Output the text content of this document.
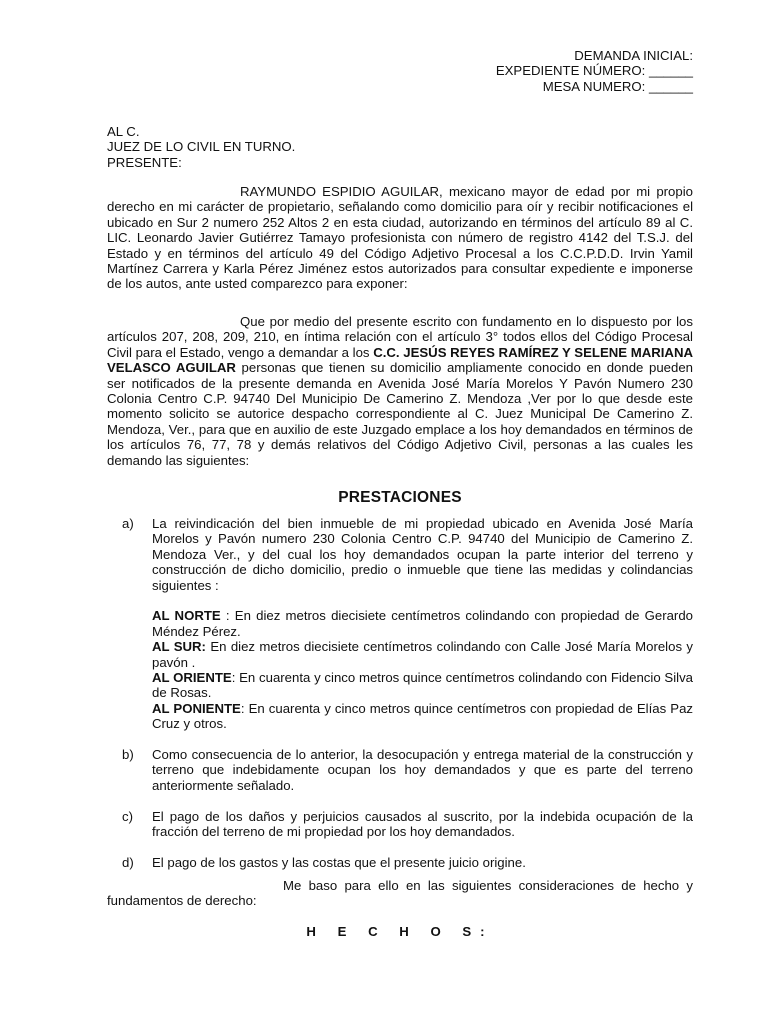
DEMANDA INICIAL:
EXPEDIENTE NÚMERO: ______
MESA NUMERO: ______
AL C.
JUEZ DE LO CIVIL EN TURNO.
PRESENTE:
RAYMUNDO ESPIDIO AGUILAR, mexicano mayor de edad por mi propio derecho en mi carácter de propietario, señalando como domicilio para oír y recibir notificaciones el ubicado en Sur 2 numero 252 Altos 2 en esta ciudad, autorizando en términos del artículo 89 al C. LIC. Leonardo Javier Gutiérrez Tamayo profesionista con número de registro 4142 del T.S.J. del Estado y en términos del artículo 49 del Código Adjetivo Procesal a los C.C.P.D.D. Irvin Yamil Martínez Carrera y Karla Pérez Jiménez estos autorizados para consultar expediente e imponerse de los autos, ante usted comparezco para exponer:
Que por medio del presente escrito con fundamento en lo dispuesto por los artículos 207, 208, 209, 210, en íntima relación con el artículo 3° todos ellos del Código Procesal Civil para el Estado, vengo a demandar a los C.C. JESÚS REYES RAMÍREZ Y SELENE MARIANA VELASCO AGUILAR personas que tienen su domicilio ampliamente conocido en donde pueden ser notificados de la presente demanda en Avenida José María Morelos Y Pavón Numero 230 Colonia Centro C.P. 94740 Del Municipio De Camerino Z. Mendoza ,Ver por lo que desde este momento solicito se autorice despacho correspondiente al C. Juez Municipal De Camerino Z. Mendoza, Ver., para que en auxilio de este Juzgado emplace a los hoy demandados en términos de los artículos 76, 77, 78 y demás relativos del Código Adjetivo Civil, personas a las cuales les demando las siguientes:
PRESTACIONES
a)	La reivindicación del bien inmueble de mi propiedad ubicado en Avenida José María Morelos y Pavón numero 230 Colonia Centro C.P. 94740 del Municipio de Camerino Z. Mendoza Ver., y del cual los hoy demandados ocupan la parte interior del terreno y construcción de dicho domicilio, predio o inmueble que tiene las medidas y colindancias siguientes :
AL NORTE : En diez metros diecisiete centímetros colindando con propiedad de Gerardo Méndez Pérez.
AL SUR: En diez metros diecisiete centímetros colindando con Calle José María Morelos y pavón .
AL ORIENTE: En cuarenta y cinco metros quince centímetros colindando con Fidencio Silva de Rosas.
AL PONIENTE: En cuarenta y cinco metros quince centímetros con propiedad de Elías Paz Cruz y otros.
b)	Como consecuencia de lo anterior, la desocupación y entrega material de la construcción y terreno que indebidamente ocupan los hoy demandados y que es parte del terreno anteriormente señalado.
c)	El pago de los daños y perjuicios causados al suscrito, por la indebida ocupación de la fracción del terreno de mi propiedad por los hoy demandados.
d)	El pago de los gastos y las costas que el presente juicio origine.
Me baso para ello en las siguientes consideraciones de hecho y fundamentos de derecho:
H E C H O S:
